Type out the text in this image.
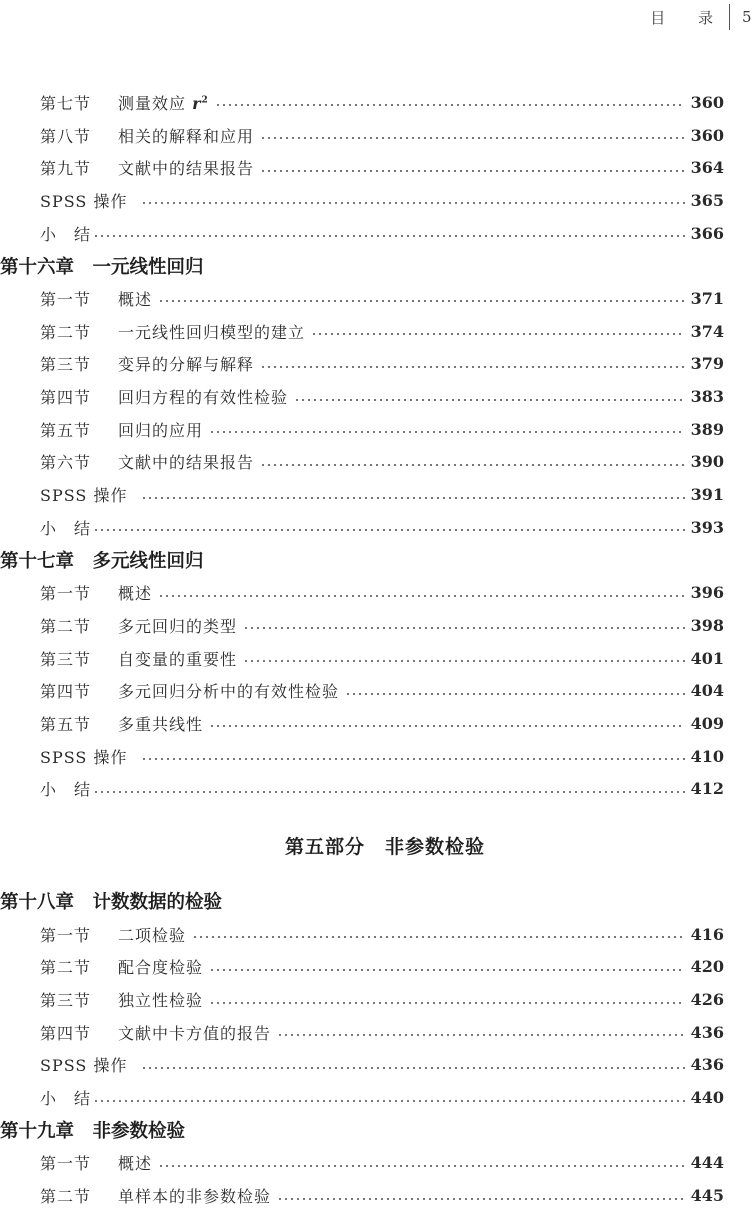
目 录 5
第七节 测量效应 $r^2$	360
第八节 相关的解释和应用	360
第九节 文献中的结果报告	364
SPSS 操作	365
小　结	366
第十六章　一元线性回归
第一节 概述	371
第二节 一元线性回归模型的建立	374
第三节 变异的分解与解释	379
第四节 回归方程的有效性检验	383
第五节 回归的应用	389
第六节 文献中的结果报告	390
SPSS 操作	391
小　结	393
第十七章　多元线性回归
第一节 概述	396
第二节 多元回归的类型	398
第三节 自变量的重要性	401
第四节 多元回归分析中的有效性检验	404
第五节 多重共线性	409
SPSS 操作	410
小　结	412
第五部分　非参数检验
第十八章　计数数据的检验
第一节 二项检验	416
第二节 配合度检验	420
第三节 独立性检验	426
第四节 文献中卡方值的报告	436
SPSS 操作	436
小　结	440
第十九章　非参数检验
第一节 概述	444
第二节 单样本的非参数检验	445
